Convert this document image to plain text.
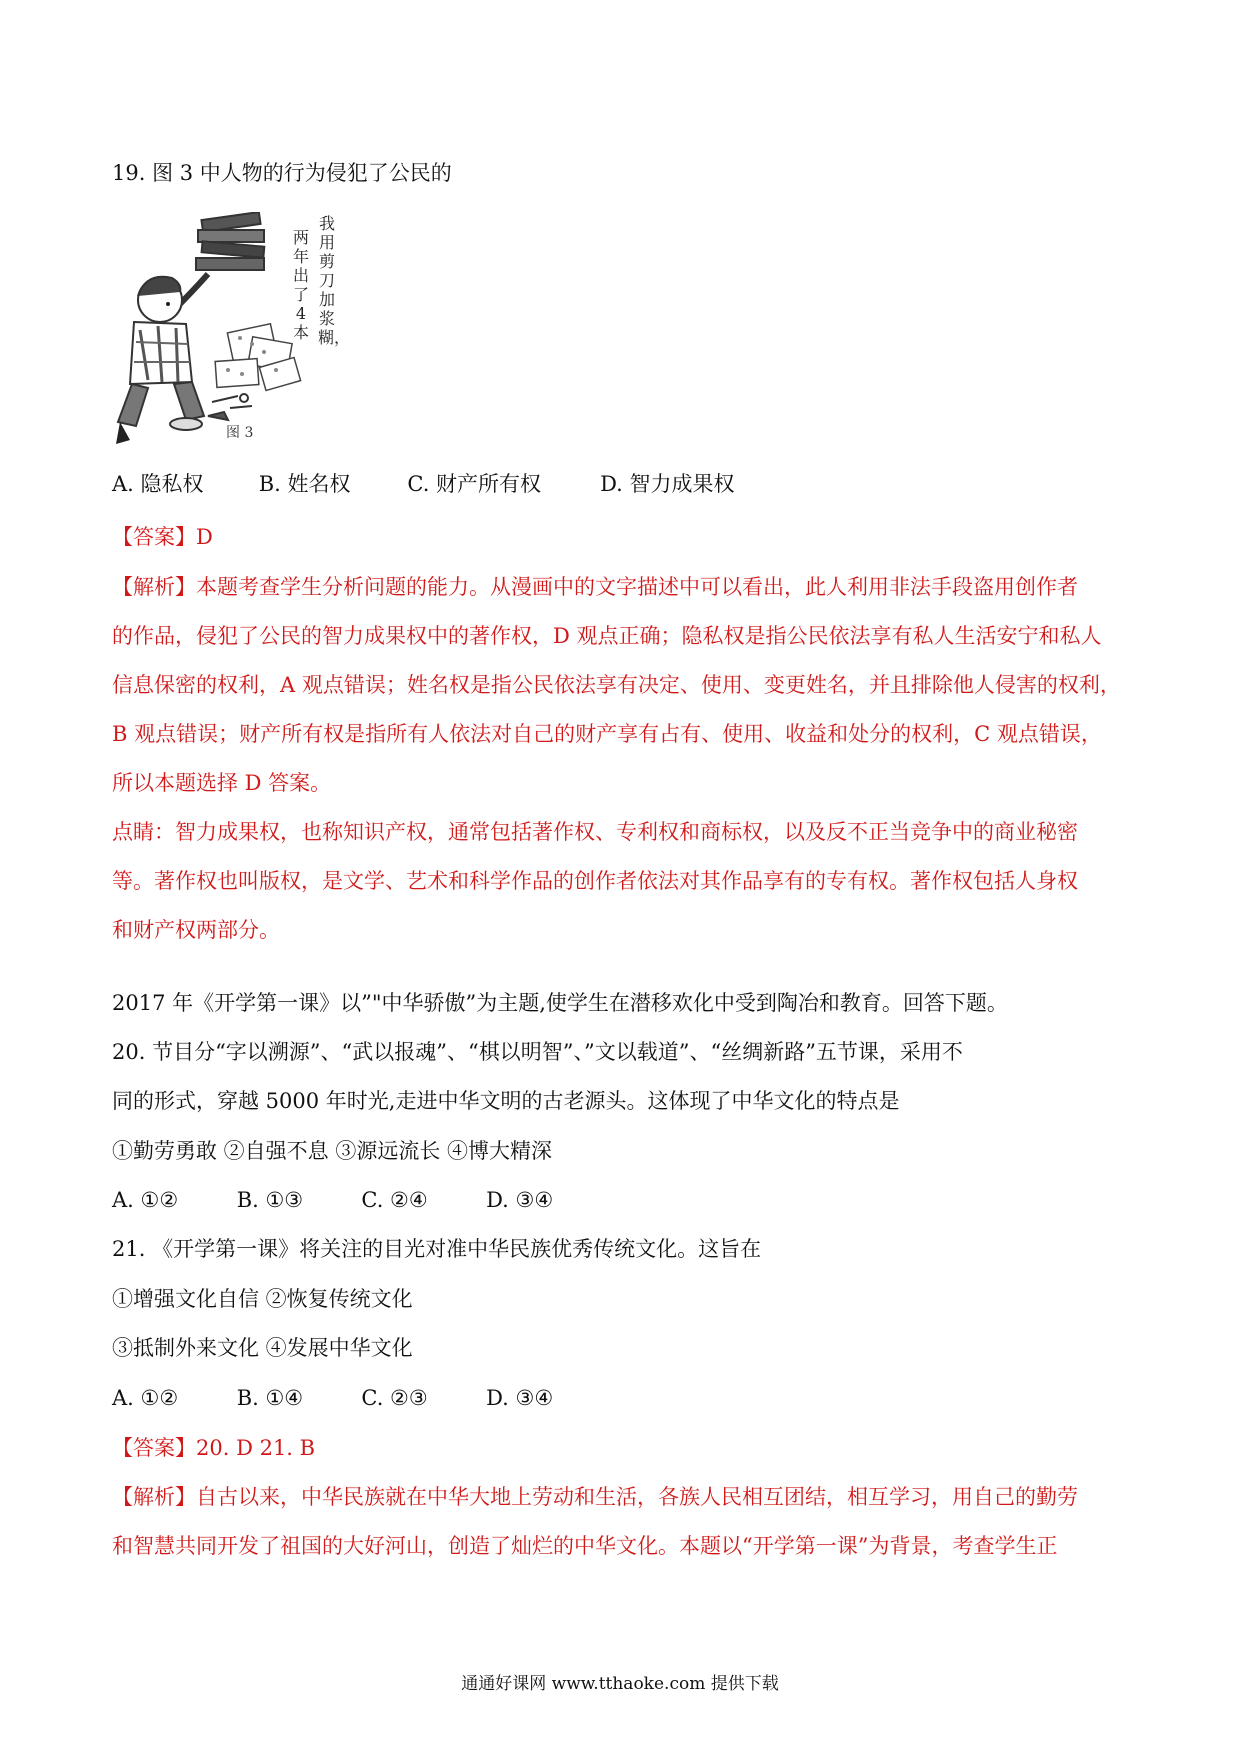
19. 图 3 中人物的行为侵犯了公民的
我用剪刀加浆糊，
两年出了4本
图 3
A. 隐私权	B. 姓名权	C. 财产所有权	D. 智力成果权
【答案】D
【解析】本题考查学生分析问题的能力。从漫画中的文字描述中可以看出，此人利用非法手段盗用创作者
的作品，侵犯了公民的智力成果权中的著作权，D 观点正确；隐私权是指公民依法享有私人生活安宁和私人
信息保密的权利，A 观点错误；姓名权是指公民依法享有决定、使用、变更姓名，并且排除他人侵害的权利，
B 观点错误；财产所有权是指所有人依法对自己的财产享有占有、使用、收益和处分的权利，C 观点错误，
所以本题选择 D 答案。
点睛：智力成果权，也称知识产权，通常包括著作权、专利权和商标权，以及反不正当竞争中的商业秘密
等。著作权也叫版权，是文学、艺术和科学作品的创作者依法对其作品享有的专有权。著作权包括人身权
和财产权两部分。
2017 年《开学第一课》以”"中华骄傲”为主题,使学生在潜移欢化中受到陶冶和教育。回答下题。
20. 节目分“字以溯源”、“武以报魂”、“棋以明智”、”文以载道”、“丝绸新路”五节课，采用不
同的形式，穿越 5000 年时光,走进中华文明的古老源头。这体现了中华文化的特点是
①勤劳勇敢 ②自强不息 ③源远流长 ④博大精深
A. ①②	B. ①③	C. ②④	D. ③④
21. 《开学第一课》将关注的目光对准中华民族优秀传统文化。这旨在
①增强文化自信 ②恢复传统文化
③抵制外来文化 ④发展中华文化
A. ①②	B. ①④	C. ②③	D. ③④
【答案】20. D 21. B
【解析】自古以来，中华民族就在中华大地上劳动和生活，各族人民相互团结，相互学习，用自己的勤劳
和智慧共同开发了祖国的大好河山，创造了灿烂的中华文化。本题以“开学第一课”为背景，考查学生正
通通好课网 www.tthaoke.com 提供下载
